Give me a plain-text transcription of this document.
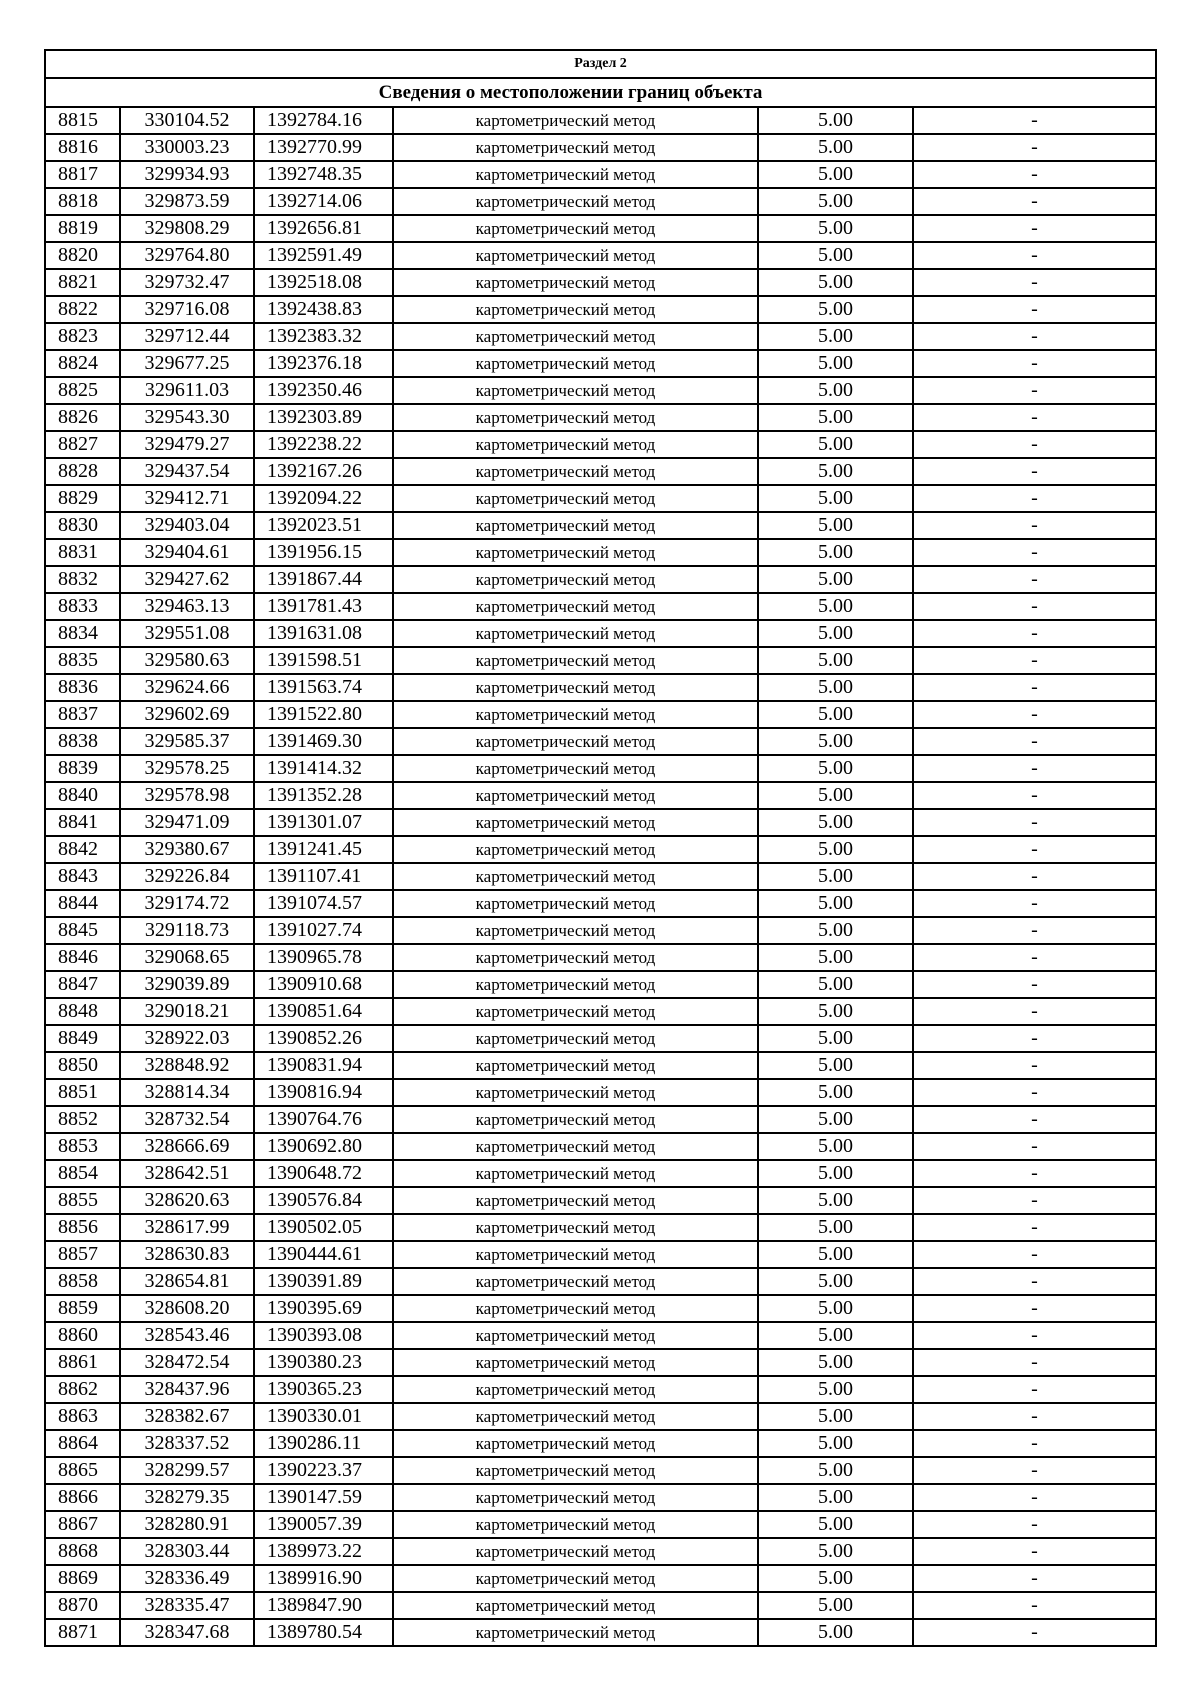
Раздел 2					
Сведения о местоположении границ объекта					
8815	330104.52	1392784.16	картометрический метод	5.00	-
8816	330003.23	1392770.99	картометрический метод	5.00	-
8817	329934.93	1392748.35	картометрический метод	5.00	-
8818	329873.59	1392714.06	картометрический метод	5.00	-
8819	329808.29	1392656.81	картометрический метод	5.00	-
8820	329764.80	1392591.49	картометрический метод	5.00	-
8821	329732.47	1392518.08	картометрический метод	5.00	-
8822	329716.08	1392438.83	картометрический метод	5.00	-
8823	329712.44	1392383.32	картометрический метод	5.00	-
8824	329677.25	1392376.18	картометрический метод	5.00	-
8825	329611.03	1392350.46	картометрический метод	5.00	-
8826	329543.30	1392303.89	картометрический метод	5.00	-
8827	329479.27	1392238.22	картометрический метод	5.00	-
8828	329437.54	1392167.26	картометрический метод	5.00	-
8829	329412.71	1392094.22	картометрический метод	5.00	-
8830	329403.04	1392023.51	картометрический метод	5.00	-
8831	329404.61	1391956.15	картометрический метод	5.00	-
8832	329427.62	1391867.44	картометрический метод	5.00	-
8833	329463.13	1391781.43	картометрический метод	5.00	-
8834	329551.08	1391631.08	картометрический метод	5.00	-
8835	329580.63	1391598.51	картометрический метод	5.00	-
8836	329624.66	1391563.74	картометрический метод	5.00	-
8837	329602.69	1391522.80	картометрический метод	5.00	-
8838	329585.37	1391469.30	картометрический метод	5.00	-
8839	329578.25	1391414.32	картометрический метод	5.00	-
8840	329578.98	1391352.28	картометрический метод	5.00	-
8841	329471.09	1391301.07	картометрический метод	5.00	-
8842	329380.67	1391241.45	картометрический метод	5.00	-
8843	329226.84	1391107.41	картометрический метод	5.00	-
8844	329174.72	1391074.57	картометрический метод	5.00	-
8845	329118.73	1391027.74	картометрический метод	5.00	-
8846	329068.65	1390965.78	картометрический метод	5.00	-
8847	329039.89	1390910.68	картометрический метод	5.00	-
8848	329018.21	1390851.64	картометрический метод	5.00	-
8849	328922.03	1390852.26	картометрический метод	5.00	-
8850	328848.92	1390831.94	картометрический метод	5.00	-
8851	328814.34	1390816.94	картометрический метод	5.00	-
8852	328732.54	1390764.76	картометрический метод	5.00	-
8853	328666.69	1390692.80	картометрический метод	5.00	-
8854	328642.51	1390648.72	картометрический метод	5.00	-
8855	328620.63	1390576.84	картометрический метод	5.00	-
8856	328617.99	1390502.05	картометрический метод	5.00	-
8857	328630.83	1390444.61	картометрический метод	5.00	-
8858	328654.81	1390391.89	картометрический метод	5.00	-
8859	328608.20	1390395.69	картометрический метод	5.00	-
8860	328543.46	1390393.08	картометрический метод	5.00	-
8861	328472.54	1390380.23	картометрический метод	5.00	-
8862	328437.96	1390365.23	картометрический метод	5.00	-
8863	328382.67	1390330.01	картометрический метод	5.00	-
8864	328337.52	1390286.11	картометрический метод	5.00	-
8865	328299.57	1390223.37	картометрический метод	5.00	-
8866	328279.35	1390147.59	картометрический метод	5.00	-
8867	328280.91	1390057.39	картометрический метод	5.00	-
8868	328303.44	1389973.22	картометрический метод	5.00	-
8869	328336.49	1389916.90	картометрический метод	5.00	-
8870	328335.47	1389847.90	картометрический метод	5.00	-
8871	328347.68	1389780.54	картометрический метод	5.00	-
